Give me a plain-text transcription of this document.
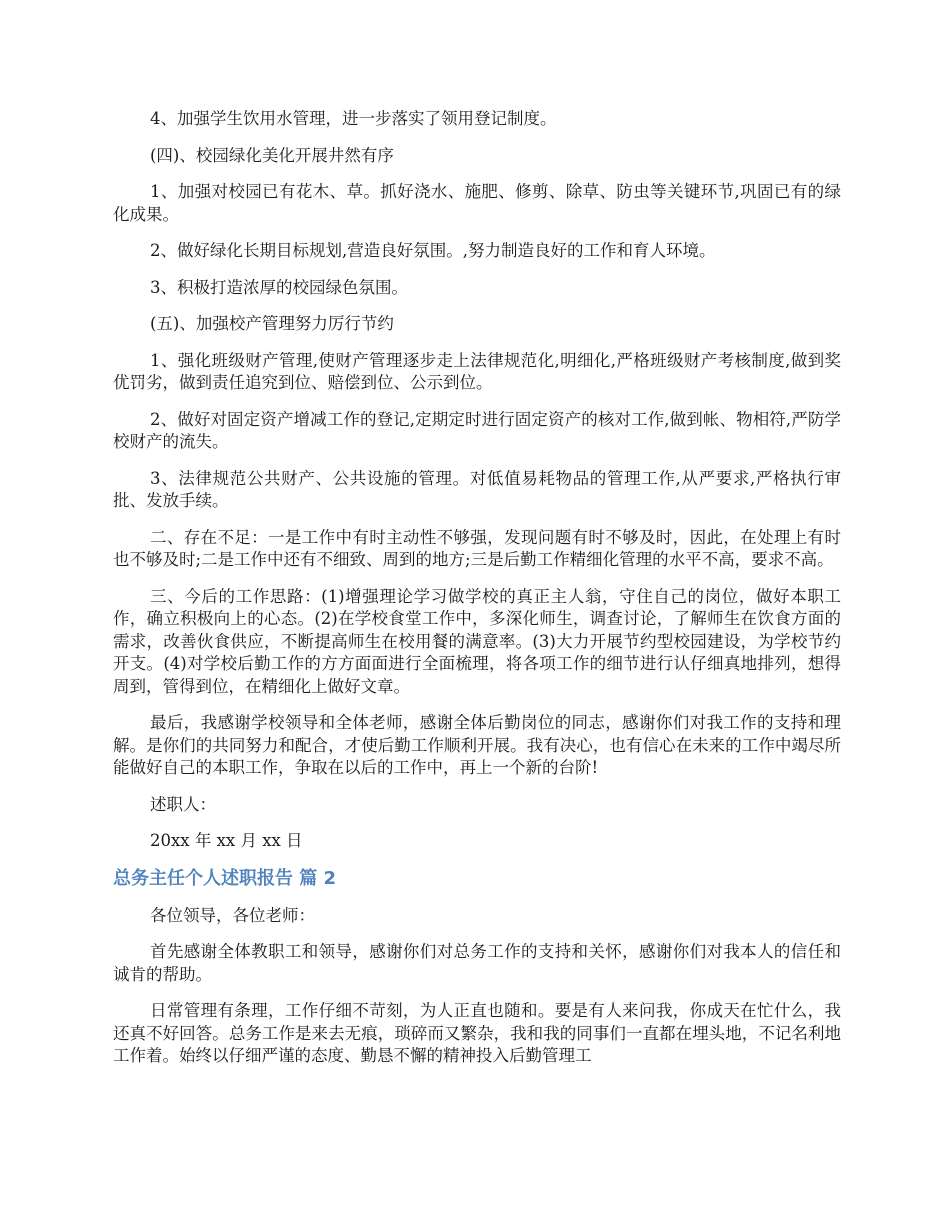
4、加强学生饮用水管理，进一步落实了领用登记制度。

(四)、校园绿化美化开展井然有序

1、加强对校园已有花木、草。抓好浇水、施肥、修剪、除草、防虫等关键环节,巩固已有的绿化成果。

2、做好绿化长期目标规划,营造良好氛围。,努力制造良好的工作和育人环境。

3、积极打造浓厚的校园绿色氛围。

(五)、加强校产管理努力厉行节约

1、强化班级财产管理,使财产管理逐步走上法律规范化,明细化,严格班级财产考核制度,做到奖优罚劣，做到责任追究到位、赔偿到位、公示到位。

2、做好对固定资产增减工作的登记,定期定时进行固定资产的核对工作,做到帐、物相符,严防学校财产的流失。

3、法律规范公共财产、公共设施的管理。对低值易耗物品的管理工作,从严要求,严格执行审批、发放手续。

二、存在不足：一是工作中有时主动性不够强，发现问题有时不够及时，因此，在处理上有时也不够及时;二是工作中还有不细致、周到的地方;三是后勤工作精细化管理的水平不高，要求不高。

三、今后的工作思路：(1)增强理论学习做学校的真正主人翁，守住自己的岗位，做好本职工作，确立积极向上的心态。(2)在学校食堂工作中，多深化师生，调查讨论，了解师生在饮食方面的需求，改善伙食供应，不断提高师生在校用餐的满意率。(3)大力开展节约型校园建设，为学校节约开支。(4)对学校后勤工作的方方面面进行全面梳理，将各项工作的细节进行认仔细真地排列，想得周到，管得到位，在精细化上做好文章。

最后，我感谢学校领导和全体老师，感谢全体后勤岗位的同志，感谢你们对我工作的支持和理解。是你们的共同努力和配合，才使后勤工作顺利开展。我有决心，也有信心在未来的工作中竭尽所能做好自己的本职工作，争取在以后的工作中，再上一个新的台阶!

述职人：

20xx 年 xx 月 xx 日

总务主任个人述职报告 篇 2

各位领导，各位老师：

首先感谢全体教职工和领导，感谢你们对总务工作的支持和关怀，感谢你们对我本人的信任和诚肯的帮助。

日常管理有条理，工作仔细不苛刻，为人正直也随和。要是有人来问我，你成天在忙什么，我还真不好回答。总务工作是来去无痕，琐碎而又繁杂，我和我的同事们一直都在埋头地，不记名利地工作着。始终以仔细严谨的态度、勤恳不懈的精神投入后勤管理工
